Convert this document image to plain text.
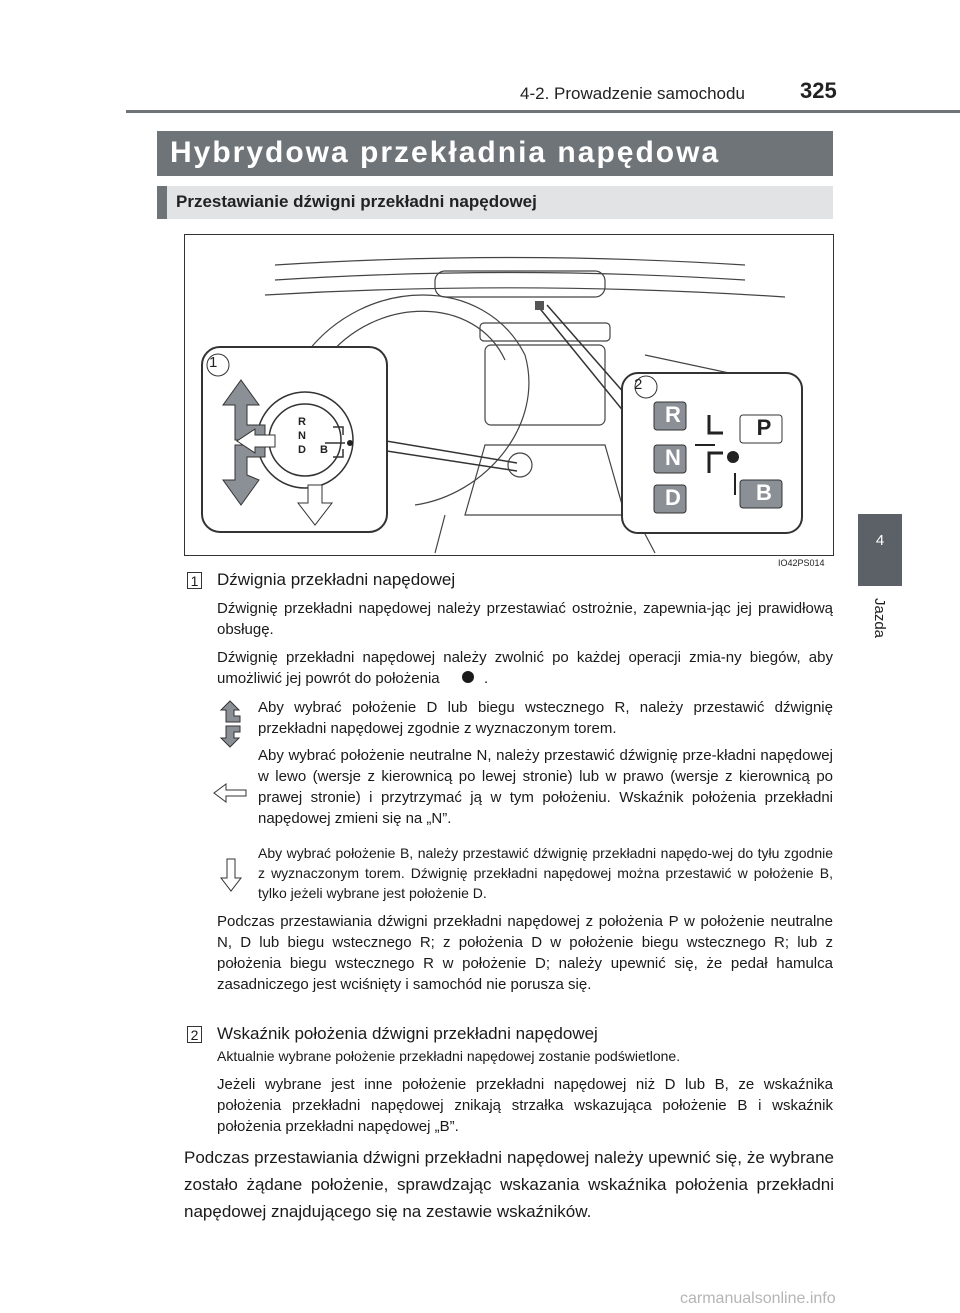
4-2. Prowadzenie samochodu	325
4
Jazda
Hybrydowa przekładnia napędowa
Przestawianie dźwigni przekładni napędowej
1
2
R
N
D B
R
N
D
P
B
IO42PS014
1 Dźwignia przekładni napędowej
Dźwignię przekładni napędowej należy przestawiać ostrożnie, zapewnia-jąc jej prawidłową obsługę.
Dźwignię przekładni napędowej należy zwolnić po każdej operacji zmia-ny biegów, aby umożliwić jej powrót do położenia	.
Aby wybrać położenie D lub biegu wstecznego R, należy przestawić dźwignię przekładni napędowej zgodnie z wyznaczonym torem.
Aby wybrać położenie neutralne N, należy przestawić dźwignię prze-kładni napędowej w lewo (wersje z kierownicą po lewej stronie) lub w prawo (wersje z kierownicą po prawej stronie) i przytrzymać ją w tym położeniu. Wskaźnik położenia przekładni napędowej zmieni się na „N”.
Aby wybrać położenie B, należy przestawić dźwignię przekładni napędo-wej do tyłu zgodnie z wyznaczonym torem. Dźwignię przekładni napędowej można przestawić w położenie B, tylko jeżeli wybrane jest położenie D.
Podczas przestawiania dźwigni przekładni napędowej z położenia P w położenie neutralne N, D lub biegu wstecznego R; z położenia D w położenie biegu wstecznego R; lub z położenia biegu wstecznego R w położenie D; należy upewnić się, że pedał hamulca zasadniczego jest wciśnięty i samochód nie porusza się.
2 Wskaźnik położenia dźwigni przekładni napędowej
Aktualnie wybrane położenie przekładni napędowej zostanie podświetlone.
Jeżeli wybrane jest inne położenie przekładni napędowej niż D lub B, ze wskaźnika położenia przekładni napędowej znikają strzałka wskazująca położenie B i wskaźnik położenia przekładni napędowej „B”.
Podczas przestawiania dźwigni przekładni napędowej należy upewnić się, że wybrane zostało żądane położenie, sprawdzając wskazania wskaźnika położenia przekładni napędowej znajdującego się na zestawie wskaźników.
carmanualsonline.info
